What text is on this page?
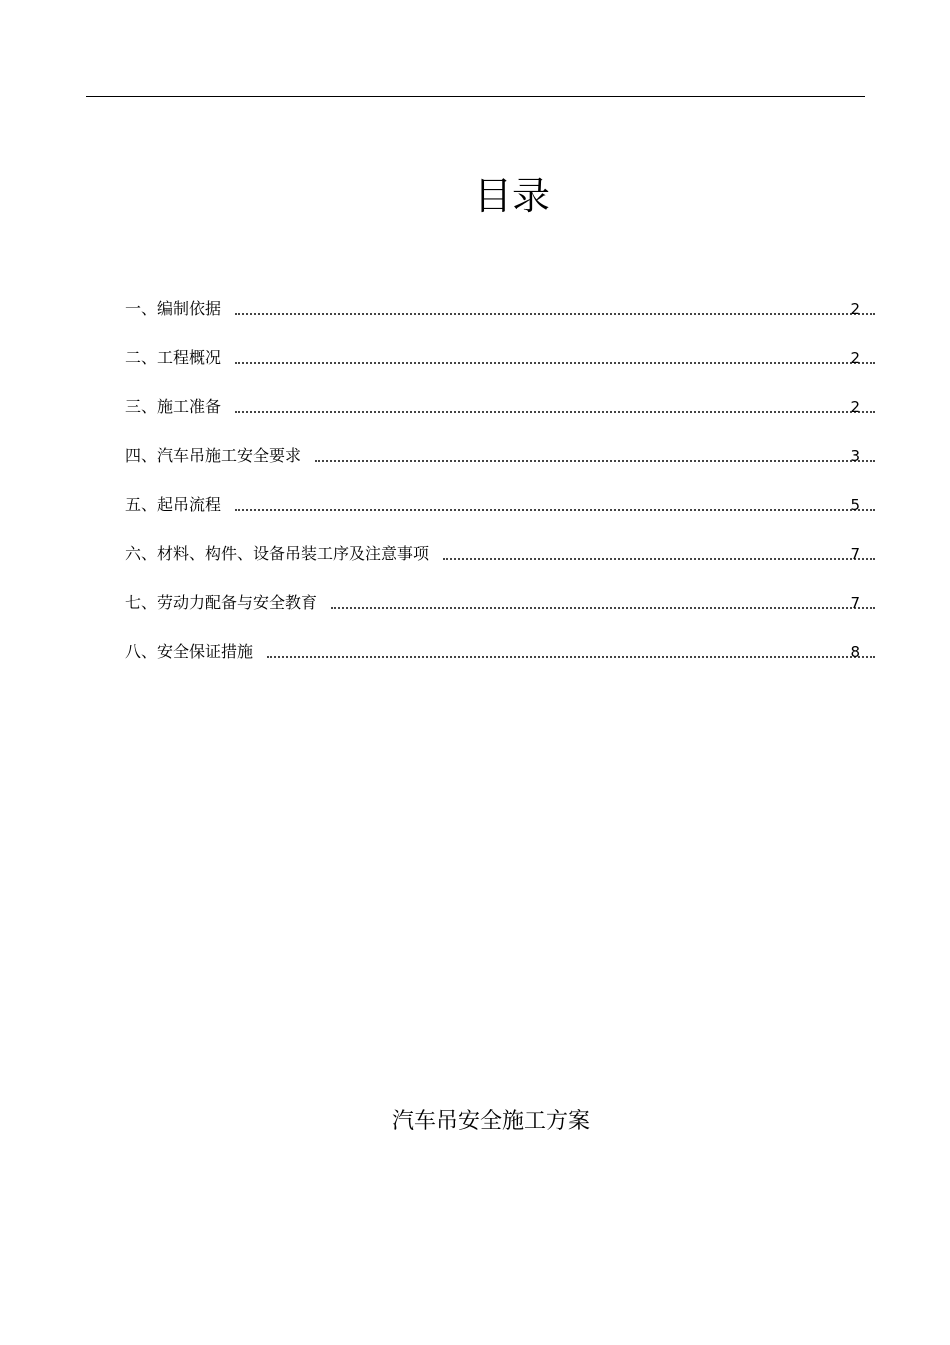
目录
一、编制依据	2
二、工程概况	2
三、施工准备	2
四、汽车吊施工安全要求	3
五、起吊流程	5
六、材料、构件、设备吊装工序及注意事项	7
七、劳动力配备与安全教育	7
八、安全保证措施	8
汽车吊安全施工方案
